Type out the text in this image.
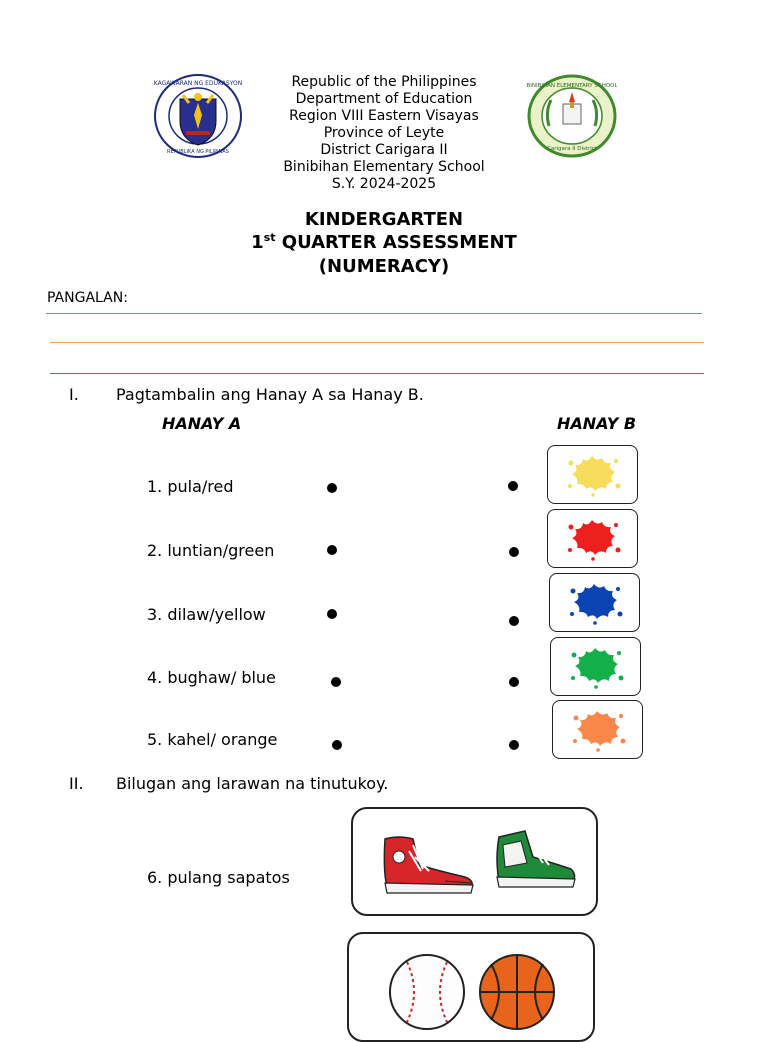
KAGAWARAN NG EDUKASYON
REPUBLIKA NG PILIPINAS
BINIBIHAN ELEMENTARY SCHOOL
Carigara II District
Republic of the Philippines
Department of Education
Region VIII Eastern Visayas
Province of Leyte
District Carigara II
Binibihan Elementary School
S.Y. 2024-2025
KINDERGARTEN
1st QUARTER ASSESSMENT
(NUMERACY)
PANGALAN:
I. Pagtambalin ang Hanay A sa Hanay B.
HANAY A	HANAY B
1. pula/red
2. luntian/green
3. dilaw/yellow
4. bughaw/ blue
5. kahel/ orange
II. Bilugan ang larawan na tinutukoy.
6. pulang sapatos
